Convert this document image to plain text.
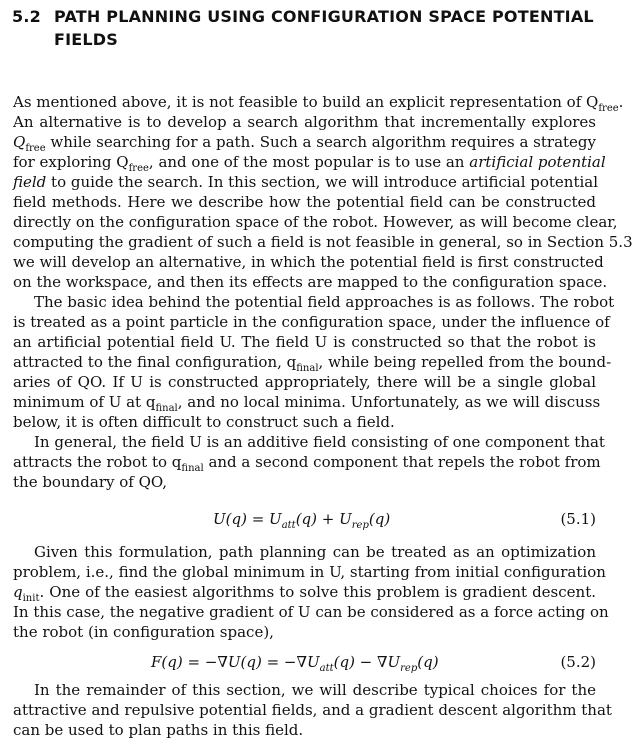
5.2 PATH PLANNING USING CONFIGURATION SPACE POTENTIAL
FIELDS
As mentioned above, it is not feasible to build an explicit representation of $Q_{free}$.
An alternative is to develop a search algorithm that incrementally explores
$Q_{free}$ while searching for a path. Such a search algorithm requires a strategy
for exploring $Q_{free}$, and one of the most popular is to use an artificial potential
field to guide the search. In this section, we will introduce artificial potential
field methods. Here we describe how the potential field can be constructed
directly on the configuration space of the robot. However, as will become clear,
computing the gradient of such a field is not feasible in general, so in Section 5.3
we will develop an alternative, in which the potential field is first constructed
on the workspace, and then its effects are mapped to the configuration space.
The basic idea behind the potential field approaches is as follows. The robot
is treated as a point particle in the configuration space, under the influence of
an artificial potential field U. The field U is constructed so that the robot is
attracted to the final configuration, $q_{final}$, while being repelled from the bound-
aries of QO. If U is constructed appropriately, there will be a single global
minimum of U at $q_{final}$, and no local minima. Unfortunately, as we will discuss
below, it is often difficult to construct such a field.
In general, the field U is an additive field consisting of one component that
attracts the robot to $q_{final}$ and a second component that repels the robot from
the boundary of QO,
$U(q) = U_{att}(q) + U_{rep}(q)$	(5.1)
Given this formulation, path planning can be treated as an optimization
problem, i.e., find the global minimum in U, starting from initial configuration
$q_{init}$. One of the easiest algorithms to solve this problem is gradient descent.
In this case, the negative gradient of U can be considered as a force acting on
the robot (in configuration space),
$F(q) = -\nabla U(q) = -\nabla U_{att}(q) - \nabla U_{rep}(q)$	(5.2)
In the remainder of this section, we will describe typical choices for the
attractive and repulsive potential fields, and a gradient descent algorithm that
can be used to plan paths in this field.
